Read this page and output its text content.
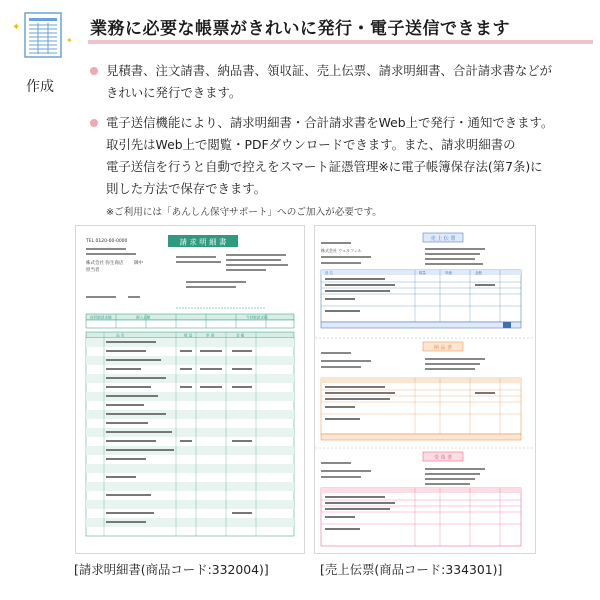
✦
✦
作成
業務に必要な帳票がきれいに発行・電子送信できます
見積書、注文請書、納品書、領収証、売上伝票、請求明細書、合計請求書などが
きれいに発行できます。
電子送信機能により、請求明細書・合計請求書をWeb上で発行・通知できます。
取引先はWeb上で閲覧・PDFダウンロードできます。また、請求明細書の
電子送信を行うと自動で控えをスマート証憑管理※に電子帳簿保存法(第7条)に
則した方法で保存できます。
※ご利用には「あんしん保守サポート」へのご加入が必要です。
請 求 明 細 書
TEL 0120-00-0000
株式会社 弥生商店 御中
担当者
前回御請求額	御入金額	今回御請求額
品 名	数 量	単 価	金 額
売 上 伝 票
株式会社 ウェルフィル
品 名	数量	単価	金額
納 品 書
受 領 書
[請求明細書(商品コード:332004)]	[売上伝票(商品コード:334301)]
